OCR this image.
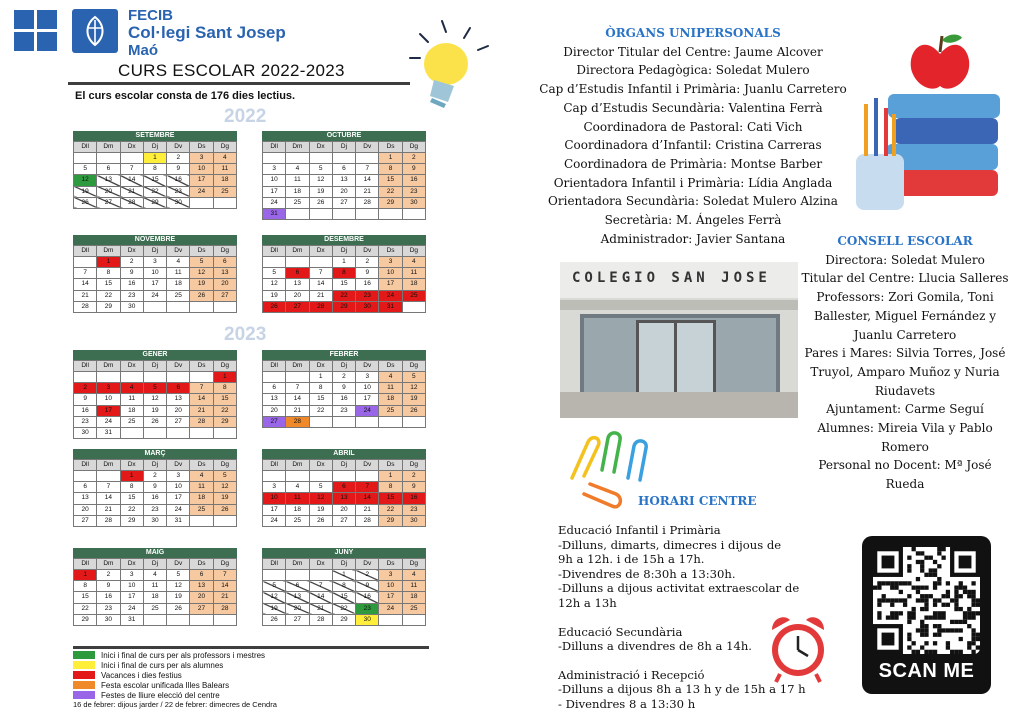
FECIB
Col·legi Sant Josep
Maó
CURS ESCOLAR 2022-2023
El curs escolar consta de 176 dies lectius.
2022
2023
SETEMBRE
Dll	Dm	Dx	Dj	Dv	Ds	Dg
			1	2	3	4
5	6	7	8	9	10	11
12	13	14	15	16	17	18
19	20	21	22	23	24	25
26	27	28	29	30		
OCTUBRE
Dll	Dm	Dx	Dj	Dv	Ds	Dg
					1	2
3	4	5	6	7	8	9
10	11	12	13	14	15	16
17	18	19	20	21	22	23
24	25	26	27	28	29	30
31						
NOVEMBRE
Dll	Dm	Dx	Dj	Dv	Ds	Dg
	1	2	3	4	5	6
7	8	9	10	11	12	13
14	15	16	17	18	19	20
21	22	23	24	25	26	27
28	29	30				
DESEMBRE
Dll	Dm	Dx	Dj	Dv	Ds	Dg
			1	2	3	4
5	6	7	8	9	10	11
12	13	14	15	16	17	18
19	20	21	22	23	24	25
26	27	28	29	30	31	
GENER
Dll	Dm	Dx	Dj	Dv	Ds	Dg
						1
2	3	4	5	6	7	8
9	10	11	12	13	14	15
16	17	18	19	20	21	22
23	24	25	26	27	28	29
30	31					
FEBRER
Dll	Dm	Dx	Dj	Dv	Ds	Dg
		1	2	3	4	5
6	7	8	9	10	11	12
13	14	15	16	17	18	19
20	21	22	23	24	25	26
27	28					
MARÇ
Dll	Dm	Dx	Dj	Dv	Ds	Dg
		1	2	3	4	5
6	7	8	9	10	11	12
13	14	15	16	17	18	19
20	21	22	23	24	25	26
27	28	29	30	31		
ABRIL
Dll	Dm	Dx	Dj	Dv	Ds	Dg
					1	2
3	4	5	6	7	8	9
10	11	12	13	14	15	16
17	18	19	20	21	22	23
24	25	26	27	28	29	30
MAIG
Dll	Dm	Dx	Dj	Dv	Ds	Dg
1	2	3	4	5	6	7
8	9	10	11	12	13	14
15	16	17	18	19	20	21
22	23	24	25	26	27	28
29	30	31				
JUNY
Dll	Dm	Dx	Dj	Dv	Ds	Dg
			1	2	3	4
5	6	7	8	9	10	11
12	13	14	15	16	17	18
19	20	21	22	23	24	25
26	27	28	29	30		
Inici i final de curs per als professors i mestres
Inici i final de curs per als alumnes
Vacances i dies festius
Festa escolar unificada Illes Balears
Festes de lliure elecció del centre
16 de febrer: dijous jarder / 22 de febrer: dimecres de Cendra
ÒRGANS UNIPERSONALS
Director Titular del Centre: Jaume Alcover
Directora Pedagògica: Soledat Mulero
Cap d’Estudis Infantil i Primària: Juanlu Carretero
Cap d’Estudis Secundària: Valentina Ferrà
Coordinadora de Pastoral: Cati Vich
Coordinadora d’Infantil: Cristina Carreras
Coordinadora de Primària: Montse Barber
Orientadora Infantil i Primària: Lídia Anglada
Orientadora Secundària: Soledat Mulero Alzina
Secretària: M. Ángeles Ferrà
Administrador: Javier Santana
COLEGIO SAN JOSE
CONSELL ESCOLAR
Directora: Soledat Mulero
Titular del Centre: Llucia Salleres
Professors: Zori Gomila, Toni
Ballester, Miguel Fernández y
Juanlu Carretero
Pares i Mares: Silvia Torres, José
Truyol, Amparo Muñoz y Nuria
Riudavets
Ajuntament: Carme Seguí
Alumnes: Mireia Vila y Pablo
Romero
Personal no Docent: Mª José
Rueda
HORARI CENTRE
Educació Infantil i Primària
-Dilluns, dimarts, dimecres i dijous de
9h a 12h. i de 15h a 17h.
-Divendres de 8:30h a 13:30h.
-Dilluns a dijous activitat extraescolar de
12h a 13h
Educació Secundària
-Dilluns a divendres de 8h a 14h.
Administració i Recepció
-Dilluns a dijous 8h a 13 h y de 15h a 17 h
- Divendres 8 a 13:30 h
SCAN ME
